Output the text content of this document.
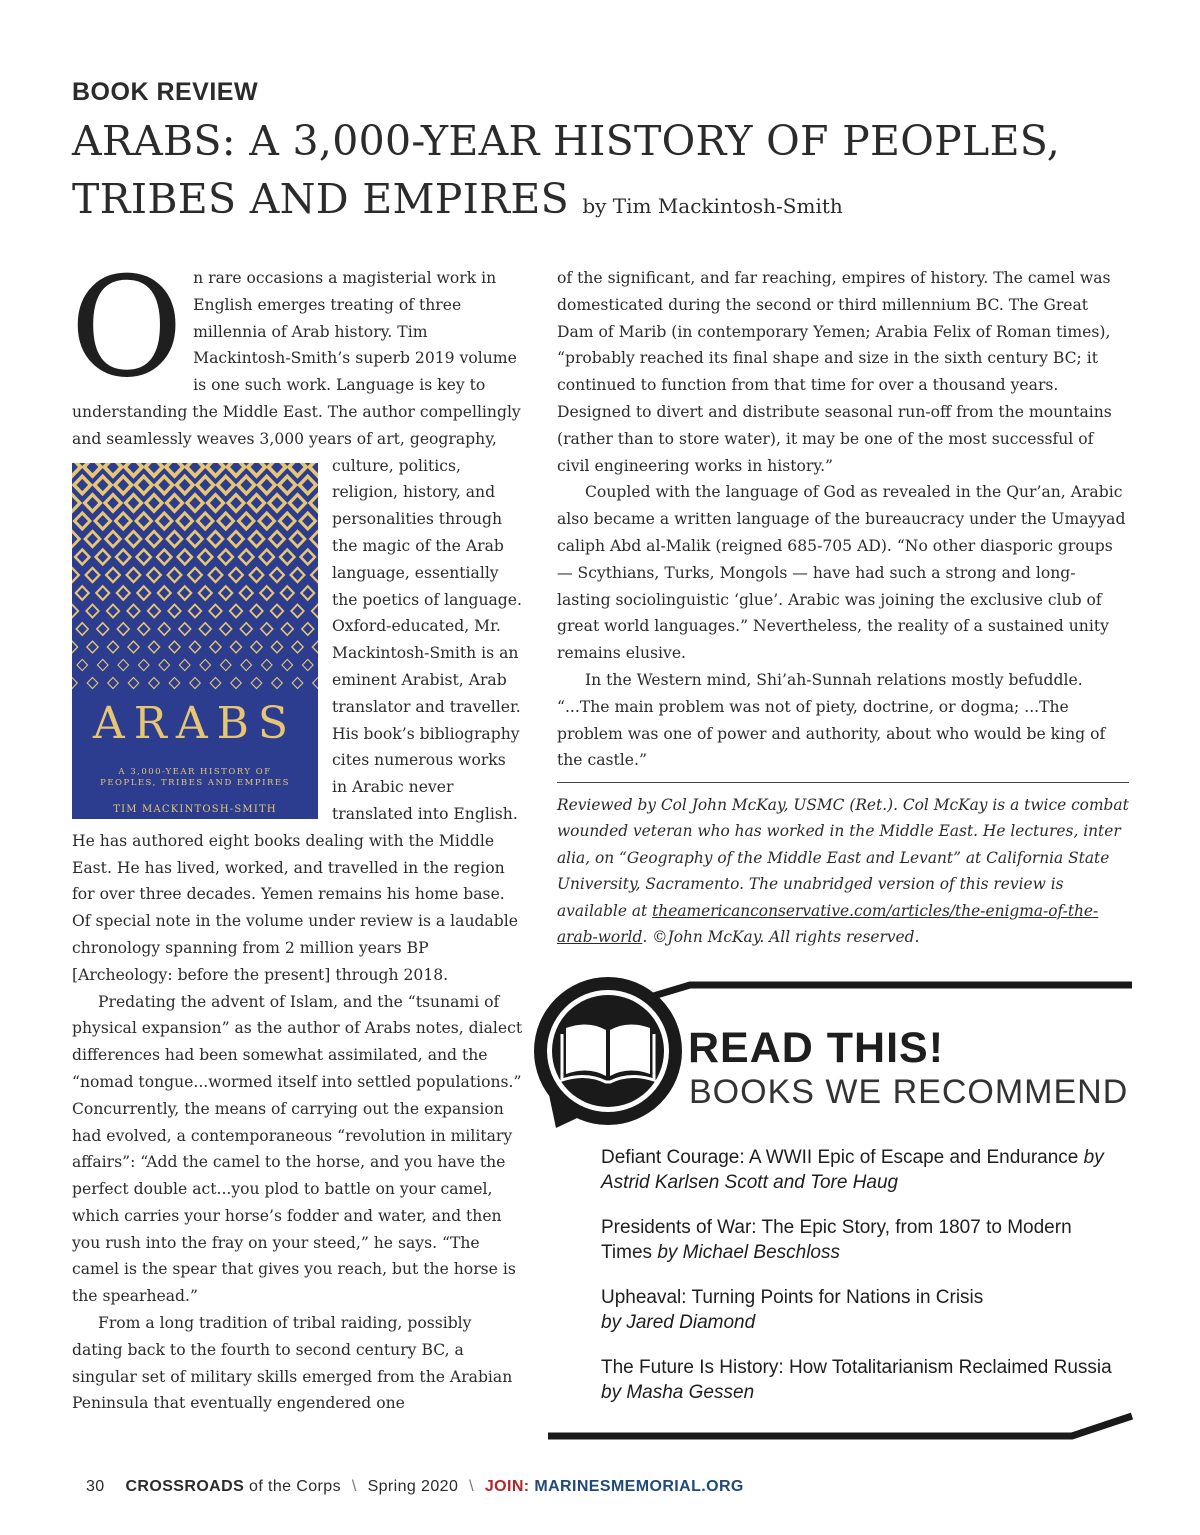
BOOK REVIEW
ARABS: A 3,000-YEAR HISTORY OF PEOPLES,
TRIBES AND EMPIRES by Tim Mackintosh-Smith

O n rare occasions a magisterial work in English emerges treating of three millennia of Arab history. Tim Mackintosh-Smith’s superb 2019 volume is one such work. Language is key to understanding the Middle East. The author compellingly and seamlessly weaves 3,000 years of art, geography,
ARABS
A 3,000-YEAR HISTORY OF
PEOPLES, TRIBES AND EMPIRES
TIM MACKINTOSH-SMITH
culture, politics, religion, history, and personalities through the magic of the Arab language, essentially the poetics of language. Oxford-educated, Mr. Mackintosh-Smith is an eminent Arabist, Arab translator and traveller. His book’s bibliography cites numerous works in Arabic never translated into English. He has authored eight books dealing with the Middle East. He has lived, worked, and travelled in the region for over three decades. Yemen remains his home base. Of special note in the volume under review is a laudable chronology spanning from 2 million years BP [Archeology: before the present] through 2018.

Predating the advent of Islam, and the “tsunami of physical expansion” as the author of Arabs notes, dialect differences had been somewhat assimilated, and the “nomad tongue...wormed itself into settled populations.” Concurrently, the means of carrying out the expansion had evolved, a contemporaneous “revolution in military affairs”: “Add the camel to the horse, and you have the perfect double act...you plod to battle on your camel, which carries your horse’s fodder and water, and then you rush into the fray on your steed,” he says. “The camel is the spear that gives you reach, but the horse is the spearhead.”

From a long tradition of tribal raiding, possibly dating back to the fourth to second century BC, a singular set of military skills emerged from the Arabian Peninsula that eventually engendered one

of the significant, and far reaching, empires of history. The camel was domesticated during the second or third millennium BC. The Great Dam of Marib (in contemporary Yemen; Arabia Felix of Roman times), “probably reached its final shape and size in the sixth century BC; it continued to function from that time for over a thousand years. Designed to divert and distribute seasonal run-off from the mountains (rather than to store water), it may be one of the most successful of civil engineering works in history.”

Coupled with the language of God as revealed in the Qur’an, Arabic also became a written language of the bureaucracy under the Umayyad caliph Abd al-Malik (reigned 685-705 AD). “No other diasporic groups — Scythians, Turks, Mongols — have had such a strong and long-lasting sociolinguistic ‘glue’. Arabic was joining the exclusive club of great world languages.” Nevertheless, the reality of a sustained unity remains elusive.

In the Western mind, Shi’ah-Sunnah relations mostly befuddle. “...The main problem was not of piety, doctrine, or dogma; ...The problem was one of power and authority, about who would be king of the castle.”

Reviewed by Col John McKay, USMC (Ret.). Col McKay is a twice combat wounded veteran who has worked in the Middle East. He lectures, inter alia, on “Geography of the Middle East and Levant” at California State University, Sacramento. The unabridged version of this review is available at theamericanconservative.com/articles/the-enigma-of-the-arab-world. ©John McKay. All rights reserved.
READ THIS!
BOOKS WE RECOMMEND
Defiant Courage: A WWII Epic of Escape and Endurance by Astrid Karlsen Scott and Tore Haug
Presidents of War: The Epic Story, from 1807 to Modern Times by Michael Beschloss
Upheaval: Turning Points for Nations in Crisis
by Jared Diamond
The Future Is History: How Totalitarianism Reclaimed Russia by Masha Gessen
30 CROSSROADS of the Corps \ Spring 2020 \ JOIN: MARINESMEMORIAL.ORG
